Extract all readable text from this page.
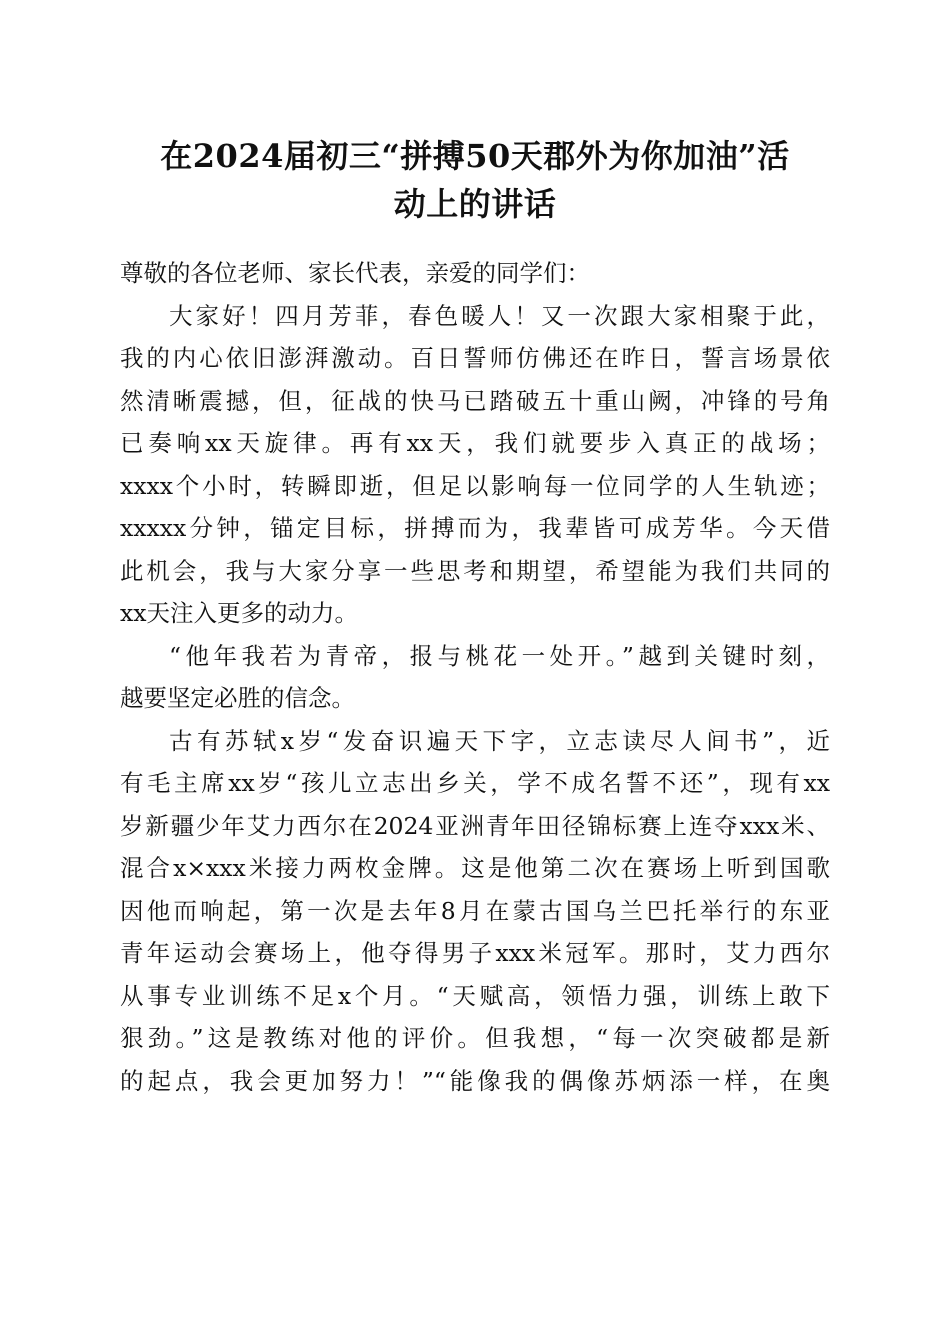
在2024届初三“拼搏50天郡外为你加油”活
动上的讲话
尊敬的各位老师、家长代表，亲爱的同学们：
大家好！四月芳菲，春色暖人！又一次跟大家相聚于此，
我的内心依旧澎湃激动。百日誓师仿佛还在昨日，誓言场景依
然清晰震撼，但，征战的快马已踏破五十重山阙，冲锋的号角
已奏响xx天旋律。再有xx天，我们就要步入真正的战场；
xxxx个小时，转瞬即逝，但足以影响每一位同学的人生轨迹；
xxxxx分钟，锚定目标，拼搏而为，我辈皆可成芳华。今天借
此机会，我与大家分享一些思考和期望，希望能为我们共同的
xx天注入更多的动力。
“他年我若为青帝，报与桃花一处开。”越到关键时刻，
越要坚定必胜的信念。
古有苏轼x岁“发奋识遍天下字，立志读尽人间书”，近
有毛主席xx岁“孩儿立志出乡关，学不成名誓不还”，现有xx
岁新疆少年艾力西尔在2024亚洲青年田径锦标赛上连夺xxx米、
混合x×xxx米接力两枚金牌。这是他第二次在赛场上听到国歌
因他而响起，第一次是去年8月在蒙古国乌兰巴托举行的东亚
青年运动会赛场上，他夺得男子xxx米冠军。那时，艾力西尔
从事专业训练不足x个月。“天赋高，领悟力强，训练上敢下
狠劲。”这是教练对他的评价。但我想，“每一次突破都是新
的起点，我会更加努力！”“能像我的偶像苏炳添一样，在奥
